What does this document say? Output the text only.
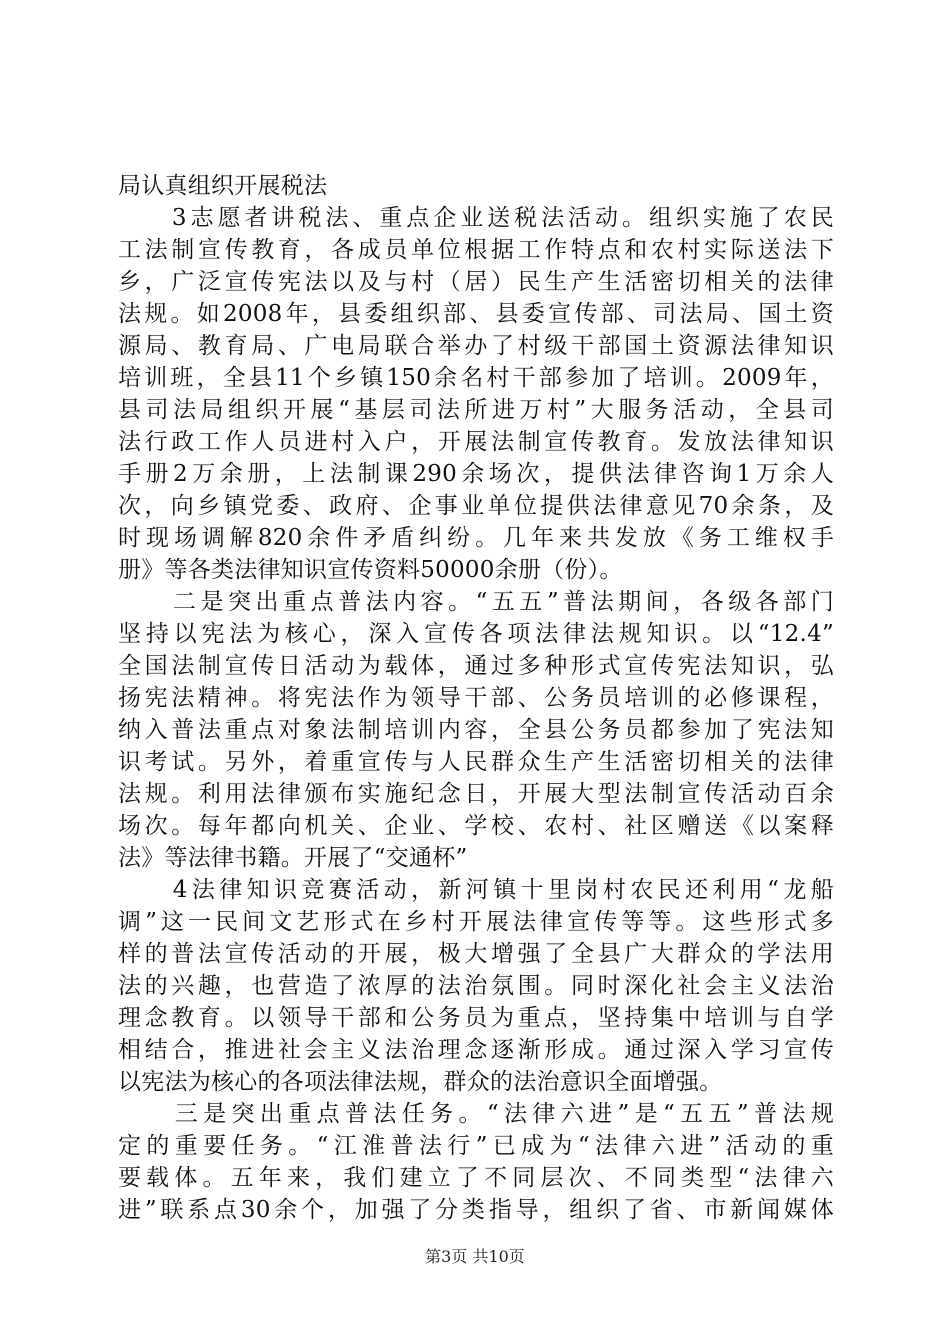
局认真组织开展税法
　　3志愿者讲税法、重点企业送税法活动。组织实施了农民
工法制宣传教育，各成员单位根据工作特点和农村实际送法下
乡，广泛宣传宪法以及与村（居）民生产生活密切相关的法律
法规。如2008年，县委组织部、县委宣传部、司法局、国土资
源局、教育局、广电局联合举办了村级干部国土资源法律知识
培训班，全县11个乡镇150余名村干部参加了培训。2009年，
县司法局组织开展“基层司法所进万村”大服务活动，全县司
法行政工作人员进村入户，开展法制宣传教育。发放法律知识
手册2万余册，上法制课290余场次，提供法律咨询1万余人
次，向乡镇党委、政府、企事业单位提供法律意见70余条，及
时现场调解820余件矛盾纠纷。几年来共发放《务工维权手
册》等各类法律知识宣传资料50000余册（份）。
　　二是突出重点普法内容。“五五”普法期间，各级各部门
坚持以宪法为核心，深入宣传各项法律法规知识。以“12.4”
全国法制宣传日活动为载体，通过多种形式宣传宪法知识，弘
扬宪法精神。将宪法作为领导干部、公务员培训的必修课程，
纳入普法重点对象法制培训内容，全县公务员都参加了宪法知
识考试。另外，着重宣传与人民群众生产生活密切相关的法律
法规。利用法律颁布实施纪念日，开展大型法制宣传活动百余
场次。每年都向机关、企业、学校、农村、社区赠送《以案释
法》等法律书籍。开展了“交通杯”
　　4法律知识竞赛活动，新河镇十里岗村农民还利用“龙船
调”这一民间文艺形式在乡村开展法律宣传等等。这些形式多
样的普法宣传活动的开展，极大增强了全县广大群众的学法用
法的兴趣，也营造了浓厚的法治氛围。同时深化社会主义法治
理念教育。以领导干部和公务员为重点，坚持集中培训与自学
相结合，推进社会主义法治理念逐渐形成。通过深入学习宣传
以宪法为核心的各项法律法规，群众的法治意识全面增强。
　　三是突出重点普法任务。“法律六进”是“五五”普法规
定的重要任务。“江淮普法行”已成为“法律六进”活动的重
要载体。五年来，我们建立了不同层次、不同类型“法律六
进”联系点30余个，加强了分类指导，组织了省、市新闻媒体
第3页 共10页
